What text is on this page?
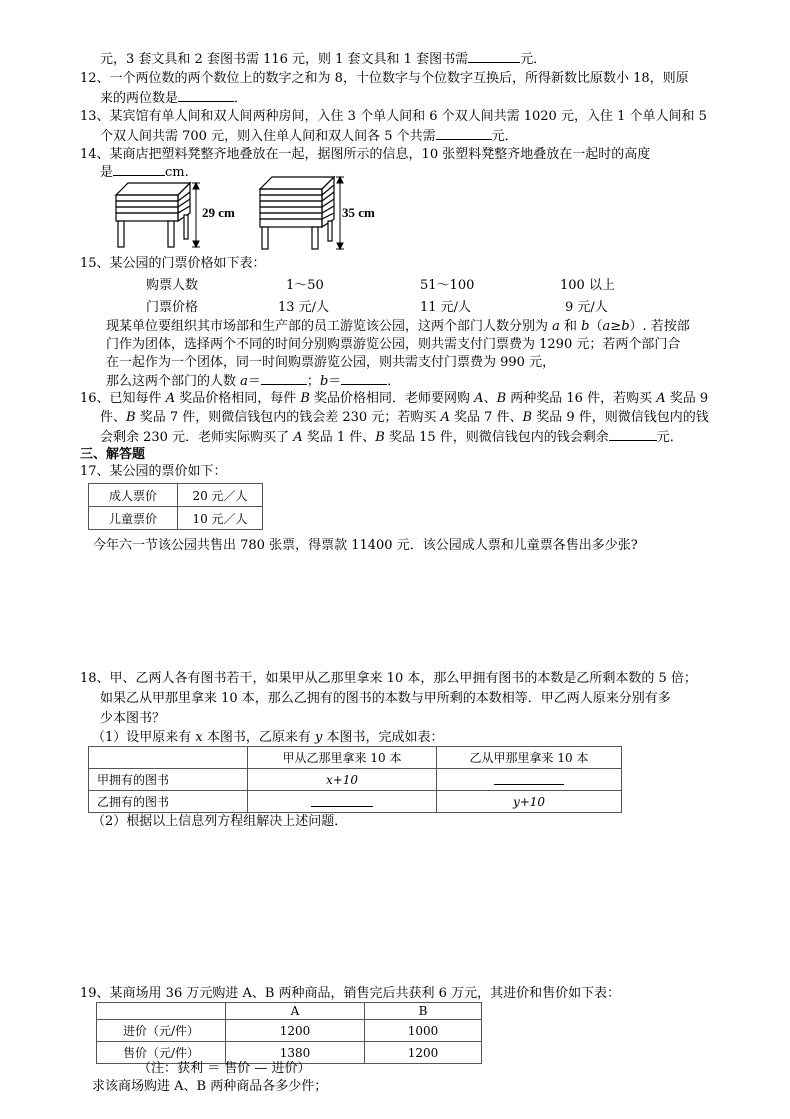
元，3 套文具和 2 套图书需 116 元，则 1 套文具和 1 套图书需	元．
12、一个两位数的两个数位上的数字之和为 8，十位数字与个位数字互换后，所得新数比原数小 18，则原
来的两位数是	．
13、某宾馆有单人间和双人间两种房间，入住 3 个单人间和 6 个双人间共需 1020 元，入住 1 个单人间和 5
个双人间共需 700 元，则入住单人间和双人间各 5 个共需	元．
14、某商店把塑料凳整齐地叠放在一起，据图所示的信息，10 张塑料凳整齐地叠放在一起时的高度
是	cm.
29 cm	35 cm
15、某公园的门票价格如下表：
购票人数	1～50	51～100	100 以上
门票价格	13 元/人	11 元/人	9 元/人
现某单位要组织其市场部和生产部的员工游览该公园，这两个部门人数分别为 a 和 b（a≥b）. 若按部
门作为团体，选择两个不同的时间分别购票游览公园，则共需支付门票费为 1290 元；若两个部门合
在一起作为一个团体，同一时间购票游览公园，则共需支付门票费为 990 元，
那么这两个部门的人数 a＝	；b＝	．
16、已知每件 A 奖品价格相同，每件 B 奖品价格相同．老师要网购 A、B 两种奖品 16 件，若购买 A 奖品 9
件、B 奖品 7 件，则微信钱包内的钱会差 230 元；若购买 A 奖品 7 件、B 奖品 9 件，则微信钱包内的钱
会剩余 230 元．老师实际购买了 A 奖品 1 件、B 奖品 15 件，则微信钱包内的钱会剩余	元．
三、解答题
17、某公园的票价如下：
成人票价	20 元／人
儿童票价	10 元／人
今年六一节该公园共售出 780 张票，得票款 11400 元．该公园成人票和儿童票各售出多少张?
18、甲、乙两人各有图书若干，如果甲从乙那里拿来 10 本，那么甲拥有图书的本数是乙所剩本数的 5 倍；
如果乙从甲那里拿来 10 本，那么乙拥有的图书的本数与甲所剩的本数相等．甲乙两人原来分别有多
少本图书？
（1）设甲原来有 x 本图书，乙原来有 y 本图书，完成如表：
	甲从乙那里拿来 10 本	乙从甲那里拿来 10 本
甲拥有的图书	x+10	
乙拥有的图书		y+10
（2）根据以上信息列方程组解决上述问题．
19、某商场用 36 万元购进 A、B 两种商品，销售完后共获利 6 万元，其进价和售价如下表：
	A	B
进价（元/件）	1200	1000
售价（元/件）	1380	1200
（注：获利 ＝ 售价 — 进价）
求该商场购进 A、B 两种商品各多少件；
